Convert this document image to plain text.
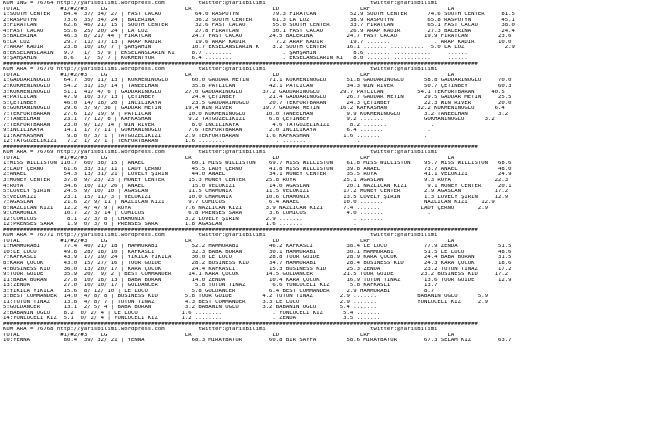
KUM ING = 76764 http://yarisbilimi.wordpress.com          twitter:@YarisBilimi                               twitter:@YarisBilimi
TOTAL            #1/#2/#3    LG                       LR                        LD                        LRF                       LA
1:SOUTH CENTER    84.4  37/ 34/ 27 | FAST CACAO          64.0 RASPUTYN          79.3 FIRATCAN          52.9 SOUTH CENTER      74.6 SOUTH CENTER     81.5
2:RASPUTYN        73.6  35/ 34/ 24 | BALERINA            36.2 SOUTH CENTER      61.3 LA LUZ            38.9 RASPUTYN          65.8 RASPUTYN         45.1
3:FIRATCAN        62.6  46/ 21/ 15 | SOUTH CENTER        32.6 FAST CACAO        55.0 SOUTH CENTER      33.7 FIRATCAN          65.1 FAST CACAO       38.0
4:FAST CACAO      55.6  25/ 20/ 24 | LA LUZ              27.8 FIRATCAN          30.1 FAST CACAO        26.9 ARAP KADIR        27.3 BALERINA         24.4
5:BALERINA        46.3  8/ 21/ 44 | FIRATCAN            24.7 FAST CACAO        24.5 BALERINA          24.7 FAST CACAO        19.9 FIRATCAN         23.6
6:LA LUZ          29.7  11/ 17/ 13 | ARAP KADIR          19.6 ARAP KADIR         7.2 ARAP KADIR        19.7 .......             . ARAP KADIR       10.0
7:ARAP KADIR      23.8  10/ 16/ 7 | ŞAHŞAHIN            10.7 EKSELANSLARIN K    3.2 SOUTH CENTER      16.1 ....... ..........  5.0 LA LUZ            2.9
8:EKSELANSLARIN   9.7   1/  5/ 9 | EKSELANSLARIN KI     8.7 ........               . ŞAHŞAHIN           8.6 ....... ...........     ......
9:ŞAHŞAHIN        8.6   1/  5/ 7 | KOKMENTYUR           6.4 ........               . EKSELANSLARIN KI   8.0 ....... ...........     ......
#############################################################################################################################################
KUM ARA = 76770 http://yarisbilimi.wordpress.com          twitter:@YarisBilimi                               twitter:@YarisBilimi
TOTAL            #1/#2/#3    LG                       LR                        LD                        LRF                       LA
1:GADDARINOĞLU    64.7  30/ 11/ 13 | KÖKMENINOĞLU       60.0 GADDAR METIN      71.1 KÖKMENINOĞLU      51.8 GADDARINOĞLU      58.8 GADDARINOĞLU     70.0
2:KÖKMENINOĞLU    54.2  31/ 15/ 14 | TANEELHAN          35.8 PATLICAN          42.1 PATLICAN          34.3 WIN RIVER         50.7 ÇETINBEY         60.3
3:KÖKMENINOĞLU    51.1  41/ 4/ 6 | GADDARINOĞLU       27.0 GADDARINOĞLU      37.2 GADDARINOĞLU      29.7 PATLICAN          54.1 TEKFORTBARAN     40.5
4:PATLICAN        47.9  10/ 37/ 13 | ÇETINBEY           24.4 ÇETINBEY          21.4 GADDARINOĞLU      26.7 GADDAR METIN      29.5 GADDAR METIN     25.5
5:ÇETINBEY        46.0  14/ 18/ 20 | INCILIKAYA         23.5 GADDARINOĞLU      20.7 TEKFORTBARAN      24.3 ÇETINBEY          22.3 WIN RIVER        20.0
6:GÖKHANINOĞLU    29.6  3/ 9/ 36 | GADDAR METIN       19.4 WIN RIVER         19.7 GADDAR METIN      16.2 KAFKASHAN         32.2 KÖKMENINOĞLU      6.4
7:TEKFORTBARAN    27.6  12/ 19/ 9 | PATLICAN           10.0 KÖKMENINOĞLU      10.0 TANEELHAN          9.9 KÖKMENINOĞLU       3.2 TANEELHAN         3.2
7:TANEELHAN       23.1  7/ 12/ 8 | KAFKASHAN           9.2 TATGÜZELIKIZI       6.8 ÇETINBEY           9.2 .......            GÖKHANINOĞLU      3.2
7:TEKFORTBARAN    23.0  9/ 12/ 14 | WIN RIVER           8.0 INCILIKAYA          4.6 TATGÜZELIKIZI      8.2 .......             .
9:INCILIKAYA      14.1  1/ 7/ 11 | GÖKHANINOĞLU        7.6 TEKFORTBARAN        2.0 INCILIKAYA         6.4 .......             .
11:KAFKASHAN       9.8  0/ 3/ 1 | TATGÜZELIKIZI       2.9 TEKFORTBARAN        1.6 KAFKASHAN          1.6 .......             .
12:TATGÜZELIKIZI   7.2  1/ 2/ 1 | TEKFORTBARAN        1.6 ........               . .......               .
#############################################################################################################################################
KUM ARA = 76769 http://yarisbilimi.wordpress.com          twitter:@YarisBilimi                               twitter:@YarisBilimi
TOTAL            #1/#2/#3    LG                       LR                        LD                        LRF                       LA
1:MISS WILLISTON 110.7  60/ 38/ 15 | ANAEL              60.1 MISS WILLISTON    69.7 MISS WILLISTON    61.8 MISS WILLISTON    95.7 MISS WILLISTON   68.6
2:LADY ÇERNO      61.6  33/ 31/ 11 | LADY ÇERNO         45.5 LADY ÇERNO        41.8 MISS WILLISTON    39.8 ANAEL             73.7 ANAEL            48.0
2:ANAEL           54.3  13/ 31/ 21 | LOVELY ŞIRIN       44.0 ANAEL             34.1 MONEY CENTER      35.5 ROYA              41.1 VELOKIZI         24.9
3:MONEY CENTER    37.8  9/ 23/ 23 | MONEY CENTER       15.3 MONEY CENTER      25.8 ROYA              25.1 AĞASLAN            9.3 ROYA             22.3
4:ROYA            34.6  10/ 11/ 26 | ANAEL              15.0 VELOKIZI          14.0 AĞASLAN           20.1 NAZLICAN KIZI      9.1 MONEY CENTER     20.1
5:LOVELY ŞIRIN    24.5  9/ 10/ 10 | AĞASLAN            11.5 CHAMONIX          11.5 VELOKIZI          17.2 MONEY CENTER       2.9 AĞASLAN          17.2
5:VELOKIZI        23.1  15/ 11/ 3 | VELOKIZI           10.0 CHAMONIX          10.6 CHAMONIX          13.5 LOVELY ŞIRIN       1.3 LOVELY ŞIRIN     12.9
7:AĞASLAN         21.6  2/ 9/ 11 | NAZLICAN KIZI       9.7 COMICUS             6.4 ANAEL             10.0 .......            NAZLICAN KIZI    12.9
8:NAZLICAN KIZI   12.2  4/ 4/ 9 | ROYA                7.6 NAZLICAN KIZI       3.9 NAZLICAN KIZI      7.4 .......            LADY ÇERNO       2.9
9:CHAMONIX        10.7  2/ 3/ 14 | COMICUS             6.8 PRENSES SARA        3.6 COMICUS            4.0 .......             .
12:COMICUS         8.1  2/ 3/ 8 | CHAMONIX            3.2 LOVELY ŞIRIN        2.9 .......               . .......
12:PRENSES SARA    1.9  0/ 3/ 0 | PRENSES SARA        1.8 AĞASLAN             1.6 .......               .
#############################################################################################################################################
KUM ARA = 76771 http://yarisbilimi.wordpress.com          twitter:@YarisBilimi                               twitter:@YarisBilimi
TOTAL            #1/#2/#3    LG                       LR                        LD                        LRF                       LA
1:HAMMURABI       77.4  40/ 21/ 18 | HAMMURABI          52.2 HAMMURABI         46.2 KAFKASLI          38.4 LE LUCO           77.9 ZENDA            51.5
10:LE LUCO        49.8  28/ 18/ 10 | KAFKASLI           32.3 BABA BORAN        30.1 HAMMURABI         30.1 HAMMURABI         51.5 LE LUCO          48.6
7:KAFKASLI        43.9  17/ 19/ 24 | YIKILA YIKILA      30.0 LE LUCO           28.8 TOUR GUIDE        28.9 KARA ÇOCUK        24.4 BABA BORAN       31.5
8:KARA ÇOCUK      43.0  15/ 27/ 16 | TOUR GUIDE         28.2 BUSINESS KID      34.7 HAMMURABI         28.4 BUSINESS KID      24.3 KARA ÇOCUK       18.6
4:BUSINESS KID    36.0  13/ 20/ 17 | KARA ÇOCUK         24.4 KAFKASLI          15.3 BUSINESS KID      25.3 ZENDA             23.2 TÜTÜN TINAZ      17.2
9:TOUR GUIDE      35.9  20/  9/ 2 | BEST COMMANDER     14.1 KARA ÇOCUK        14.5 GOLDANCER         21.5 TOUR GUIDE        23.2 BUSINESS KID     17.2
11:BABA BORAN     27.8  10/ 18/ 13 | BABA BORAN         14.0 ZENDA             10.4 KARA ÇOCUK        16.9 TÜTÜN TINAZ       13.6 TOUR GUIDE       12.9
13:ZENDA          27.0  10/ 10/ 17 | GOLDANCER           5.8 TÜTÜN TINAZ        6.6 YÜNLÜCELI KIZ      5.8 KAFKASLI          13.7
3:YIKILA YIKILA   15.6  8/ 12/ 10 | LE LUCO             5.8 GOLDANCER          6.4 BEST COMMANDER     2.9 HAMMURABI          8.7
3:BEST COMMANDER  14.0  4/ 8/ 8 | BUSINESS KID        5.8 TOUR GUIDE         4.2 TÜTÜN TINAZ        2.9 .......            BABANIN OĞLU      5.9
11:TÜTÜN TINAZ    13.8  4/ 8/ 7 | TÜTÜN TINAZ         4.3 BEST COMMANDER     3.3 LE LUCO            2.9 .......            YÜNLÜCELI KIZ     2.9
5:GOLDANCER       13.1  2/ 5/ 4 | BABA BORAN          3.2 BABANIN OĞLU       3.2 BABANIN OĞLU       5.4 .......
2:BABANIN OĞLU    8.2  0/ 2/ 4 | LE LUCO             1.6 ........               . YÜNLÜCELI KIZ      5.4 .......
14:YÜNLÜCELI KIZ  5.1  0/ 2/ 4 | YÜNLÜCELI KIZ       1.2 ........               . ZENDA              3.5 .......
#############################################################################################################################################
KUM ARA = 76768 http://yarisbilimi.wordpress.com          twitter:@YarisBilimi                               twitter:@YarisBilimi
TOTAL            #1/#2/#3    LG                       LR                        LD                        LRF                       LA
10:YENNA          80.4  39/ 32/ 21 | YENNA              68.3 MIRAYBATUR        60.8 BIR SAYFA         58.6 MIRAYBATUR        67.3 SELAM KIZ        63.7
